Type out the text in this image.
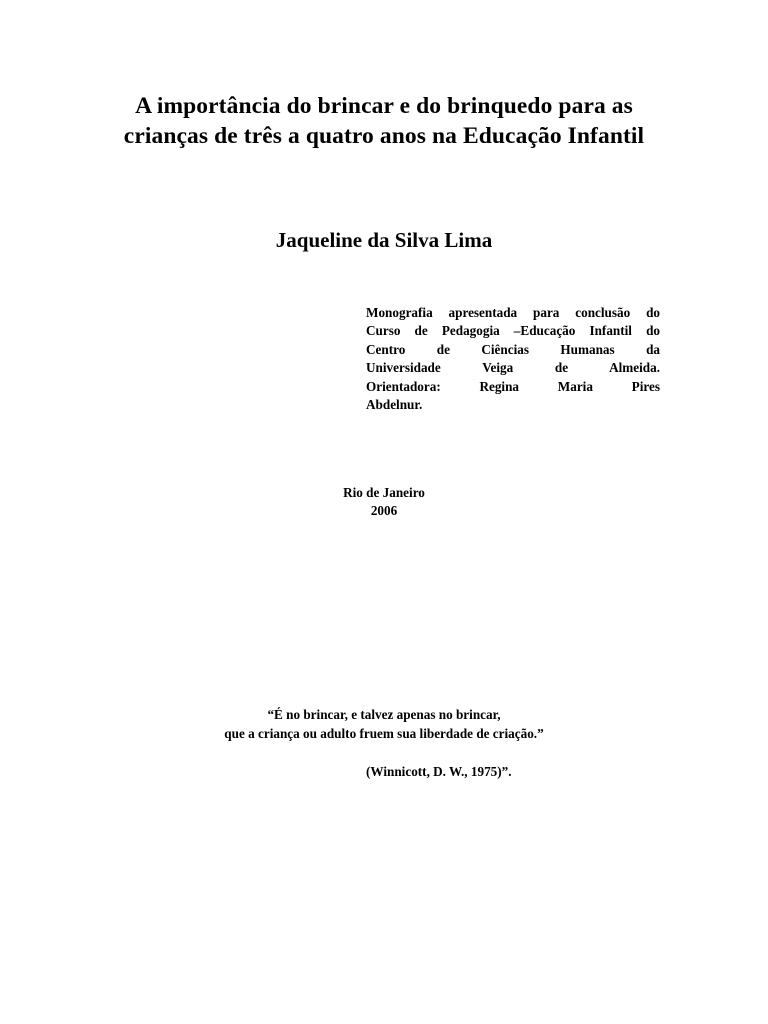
A importância do brincar e do brinquedo para as
crianças de três a quatro anos na Educação Infantil
Jaqueline da Silva Lima
Monografia apresentada para conclusão do
Curso de Pedagogia –Educação Infantil do
Centro de Ciências Humanas da
Universidade Veiga de Almeida.
Orientadora: Regina Maria Pires
Abdelnur.
Rio de Janeiro
2006
“É no brincar, e talvez apenas no brincar,
que a criança ou adulto fruem sua liberdade de criação.”
(Winnicott, D. W., 1975)”.
